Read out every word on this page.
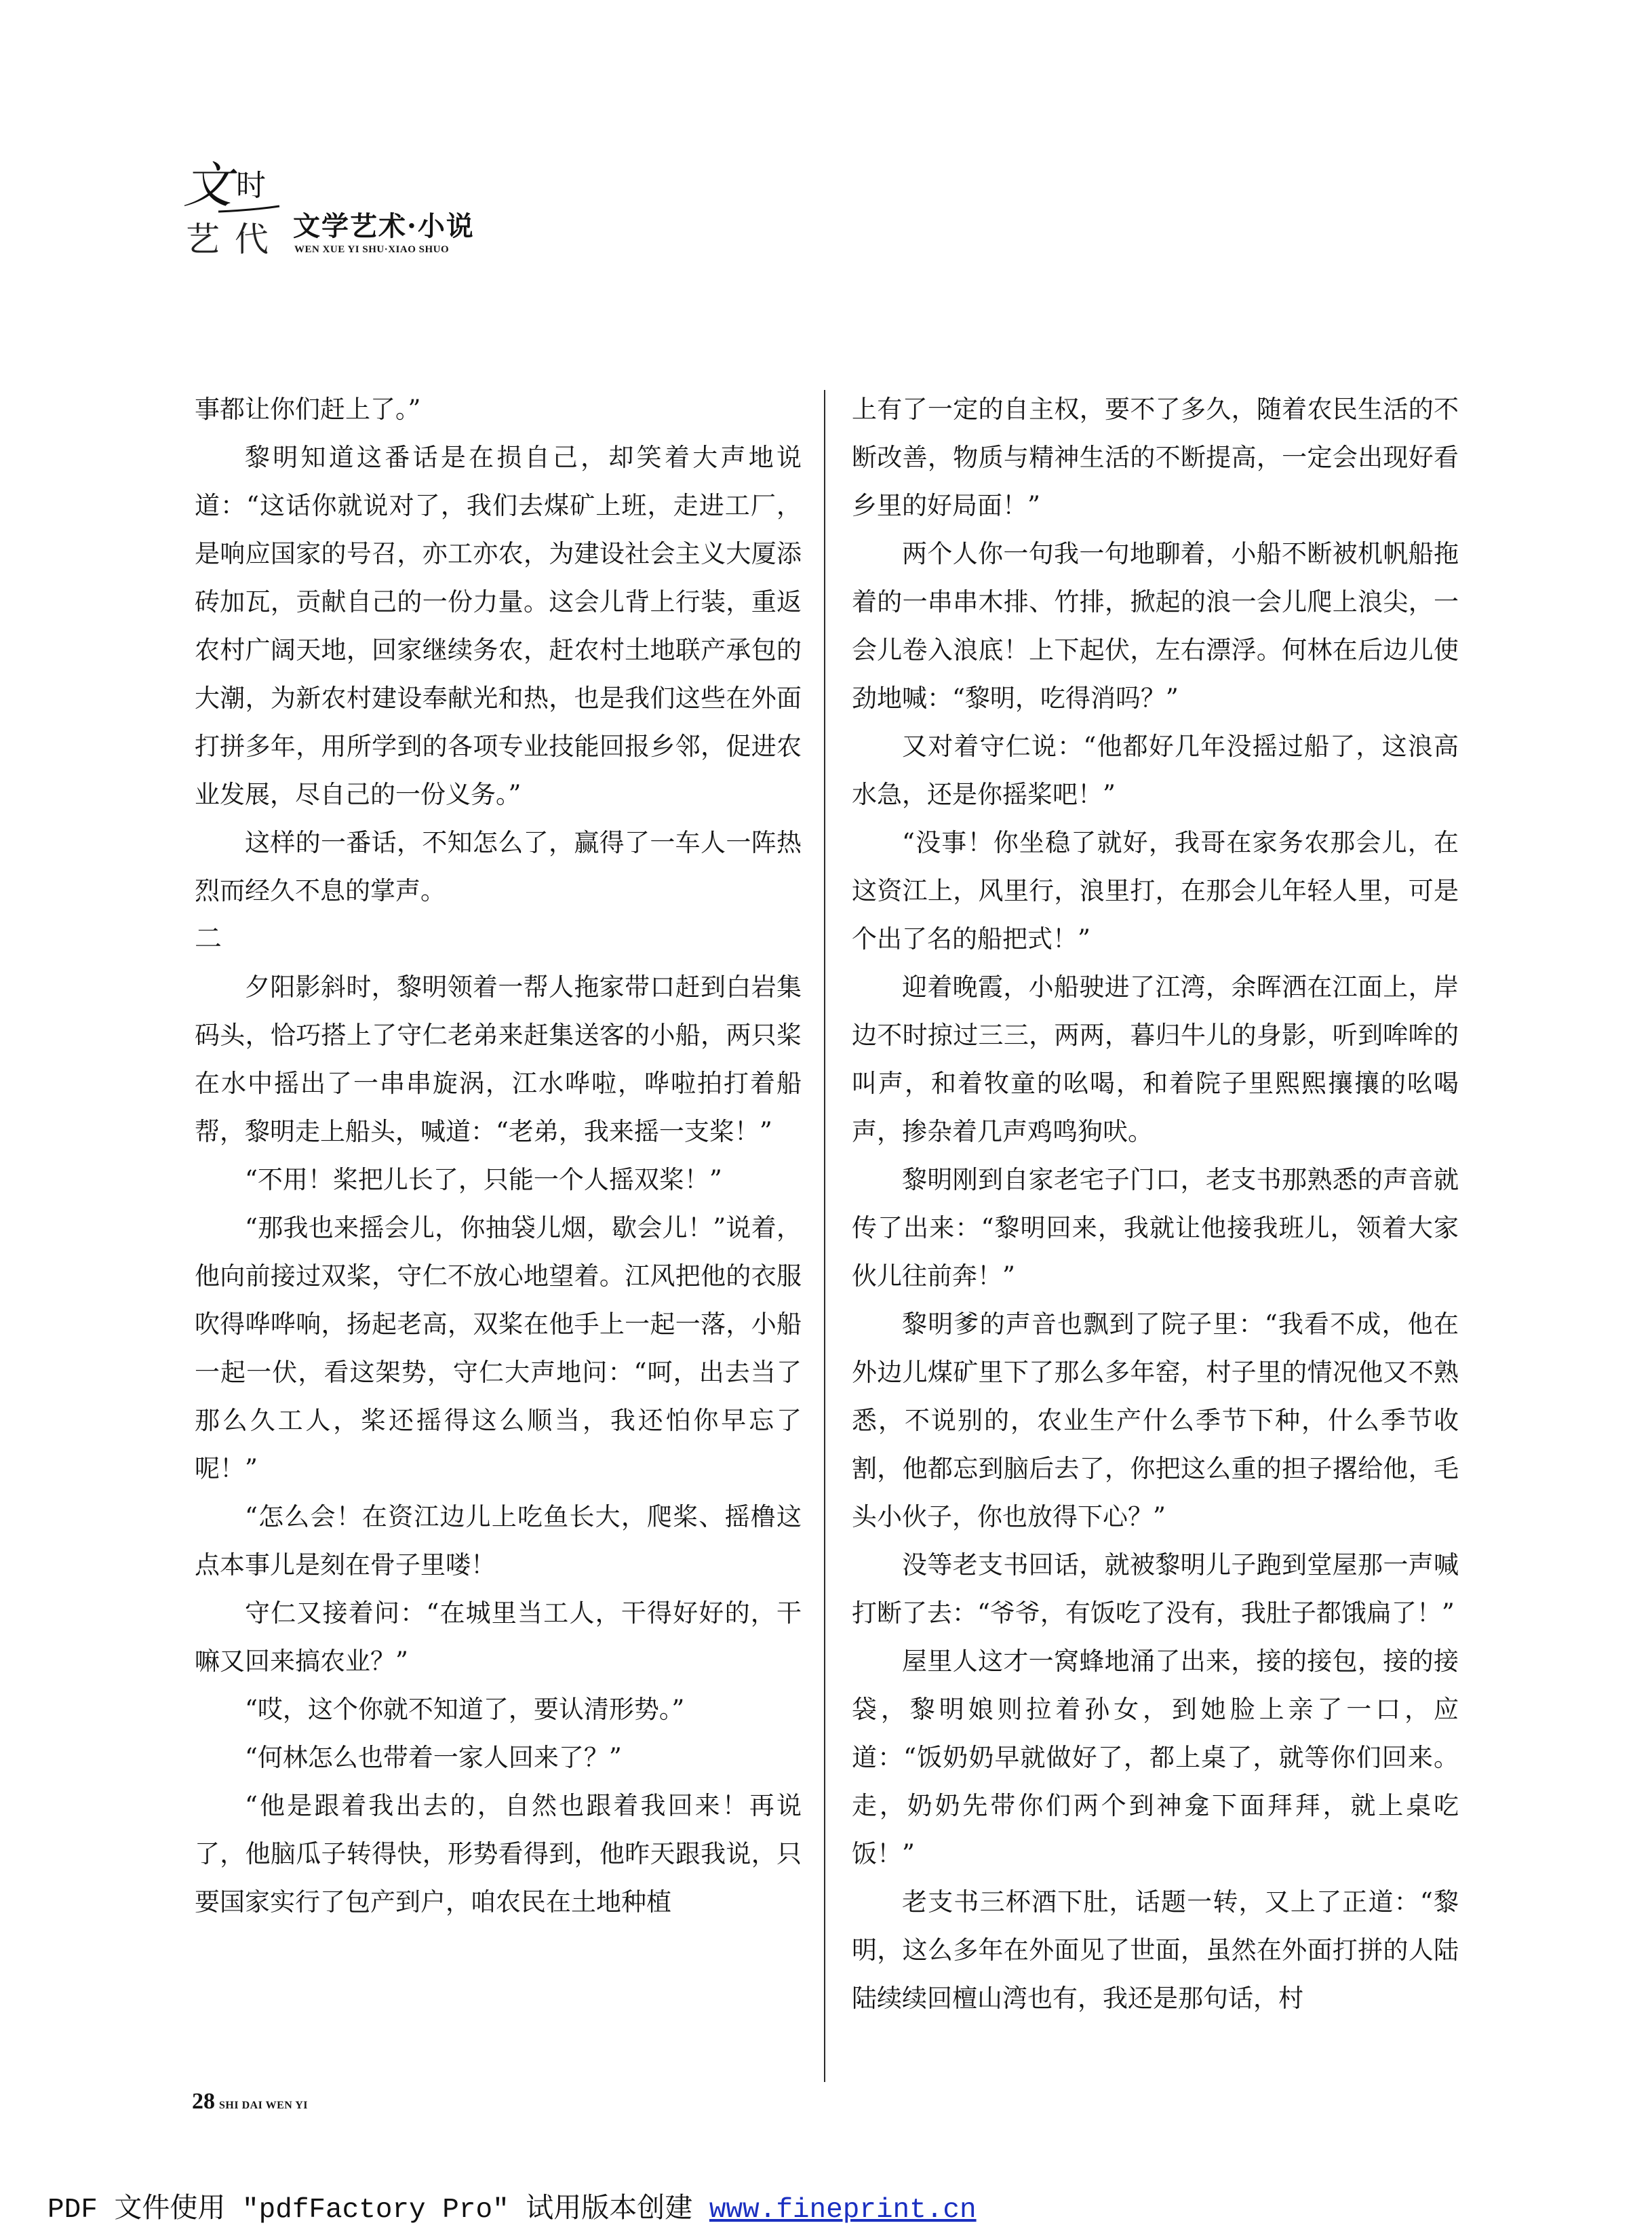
文 时
艺 代 文学艺术·小说
WEN XUE YI SHU·XIAO SHUO

事都让你们赶上了。”

黎明知道这番话是在损自己，却笑着大声地说道：“这话你就说对了，我们去煤矿上班，走进工厂，是响应国家的号召，亦工亦农，为建设社会主义大厦添砖加瓦，贡献自己的一份力量。这会儿背上行装，重返农村广阔天地，回家继续务农，赶农村土地联产承包的大潮，为新农村建设奉献光和热，也是我们这些在外面打拼多年，用所学到的各项专业技能回报乡邻，促进农业发展，尽自己的一份义务。”

这样的一番话，不知怎么了，赢得了一车人一阵热烈而经久不息的掌声。

二

夕阳影斜时，黎明领着一帮人拖家带口赶到白岩集码头，恰巧搭上了守仁老弟来赶集送客的小船，两只桨在水中摇出了一串串旋涡，江水哗啦，哗啦拍打着船帮，黎明走上船头，喊道：“老弟，我来摇一支桨！”

“不用！桨把儿长了，只能一个人摇双桨！”

“那我也来摇会儿，你抽袋儿烟，歇会儿！”说着，他向前接过双桨，守仁不放心地望着。江风把他的衣服吹得哗哗响，扬起老高，双桨在他手上一起一落，小船一起一伏，看这架势，守仁大声地问：“呵，出去当了那么久工人，桨还摇得这么顺当，我还怕你早忘了呢！”

“怎么会！在资江边儿上吃鱼长大，爬桨、摇橹这点本事儿是刻在骨子里喽！

守仁又接着问：“在城里当工人，干得好好的，干嘛又回来搞农业？”

“哎，这个你就不知道了，要认清形势。”

“何林怎么也带着一家人回来了？”

“他是跟着我出去的，自然也跟着我回来！再说了，他脑瓜子转得快，形势看得到，他昨天跟我说，只要国家实行了包产到户，咱农民在土地种植

上有了一定的自主权，要不了多久，随着农民生活的不断改善，物质与精神生活的不断提高，一定会出现好看乡里的好局面！”

两个人你一句我一句地聊着，小船不断被机帆船拖着的一串串木排、竹排，掀起的浪一会儿爬上浪尖，一会儿卷入浪底！上下起伏，左右漂浮。何林在后边儿使劲地喊：“黎明，吃得消吗？”

又对着守仁说：“他都好几年没摇过船了，这浪高水急，还是你摇桨吧！”

“没事！你坐稳了就好，我哥在家务农那会儿，在这资江上，风里行，浪里打，在那会儿年轻人里，可是个出了名的船把式！”

迎着晚霞，小船驶进了江湾，余晖洒在江面上，岸边不时掠过三三，两两，暮归牛儿的身影，听到哞哞的叫声，和着牧童的吆喝，和着院子里熙熙攘攘的吆喝声，掺杂着几声鸡鸣狗吠。

黎明刚到自家老宅子门口，老支书那熟悉的声音就传了出来：“黎明回来，我就让他接我班儿，领着大家伙儿往前奔！”

黎明爹的声音也飘到了院子里：“我看不成，他在外边儿煤矿里下了那么多年窑，村子里的情况他又不熟悉，不说别的，农业生产什么季节下种，什么季节收割，他都忘到脑后去了，你把这么重的担子撂给他，毛头小伙子，你也放得下心？”

没等老支书回话，就被黎明儿子跑到堂屋那一声喊打断了去：“爷爷，有饭吃了没有，我肚子都饿扁了！”

屋里人这才一窝蜂地涌了出来，接的接包，接的接袋，黎明娘则拉着孙女，到她脸上亲了一口，应道：“饭奶奶早就做好了，都上桌了，就等你们回来。走，奶奶先带你们两个到神龛下面拜拜，就上桌吃饭！”

老支书三杯酒下肚，话题一转，又上了正道：“黎明，这么多年在外面见了世面，虽然在外面打拼的人陆陆续续回檀山湾也有，我还是那句话，村

28 SHI DAI WEN YI
PDF 文件使用 "pdfFactory Pro" 试用版本创建 www.fineprint.cn
